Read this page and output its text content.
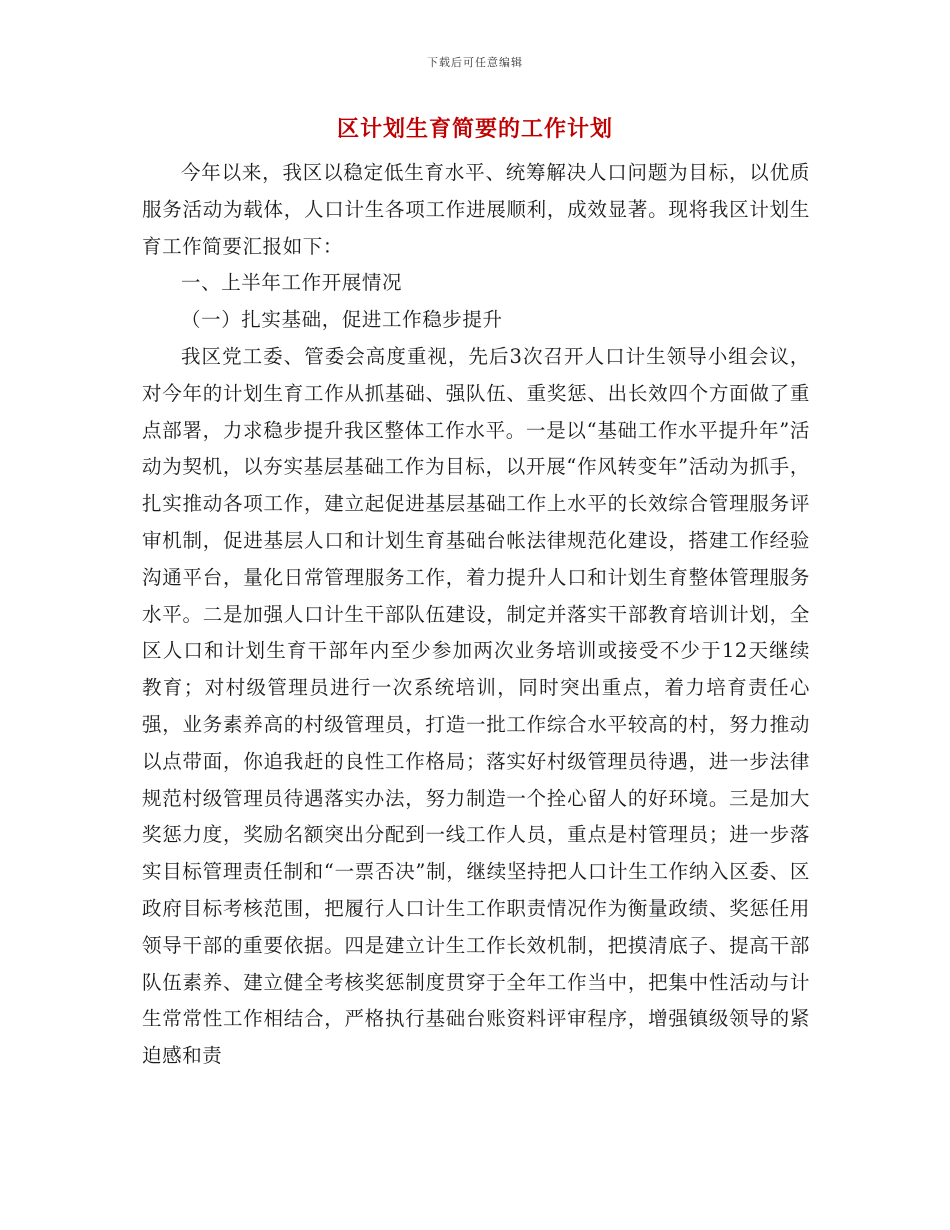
下载后可任意编辑
区计划生育简要的工作计划

今年以来，我区以稳定低生育水平、统筹解决人口问题为目标，以优质服务活动为载体，人口计生各项工作进展顺利，成效显著。现将我区计划生育工作简要汇报如下：

一、上半年工作开展情况

（一）扎实基础，促进工作稳步提升

我区党工委、管委会高度重视，先后3次召开人口计生领导小组会议，对今年的计划生育工作从抓基础、强队伍、重奖惩、出长效四个方面做了重点部署，力求稳步提升我区整体工作水平。一是以“基础工作水平提升年”活动为契机，以夯实基层基础工作为目标，以开展“作风转变年”活动为抓手，扎实推动各项工作，建立起促进基层基础工作上水平的长效综合管理服务评审机制，促进基层人口和计划生育基础台帐法律规范化建设，搭建工作经验沟通平台，量化日常管理服务工作，着力提升人口和计划生育整体管理服务水平。二是加强人口计生干部队伍建设，制定并落实干部教育培训计划，全区人口和计划生育干部年内至少参加两次业务培训或接受不少于12天继续教育；对村级管理员进行一次系统培训，同时突出重点，着力培育责任心强，业务素养高的村级管理员，打造一批工作综合水平较高的村，努力推动以点带面，你追我赶的良性工作格局；落实好村级管理员待遇，进一步法律规范村级管理员待遇落实办法，努力制造一个拴心留人的好环境。三是加大奖惩力度，奖励名额突出分配到一线工作人员，重点是村管理员；进一步落实目标管理责任制和“一票否决”制，继续坚持把人口计生工作纳入区委、区政府目标考核范围，把履行人口计生工作职责情况作为衡量政绩、奖惩任用领导干部的重要依据。四是建立计生工作长效机制，把摸清底子、提高干部队伍素养、建立健全考核奖惩制度贯穿于全年工作当中，把集中性活动与计生常常性工作相结合，严格执行基础台账资料评审程序，增强镇级领导的紧迫感和责
